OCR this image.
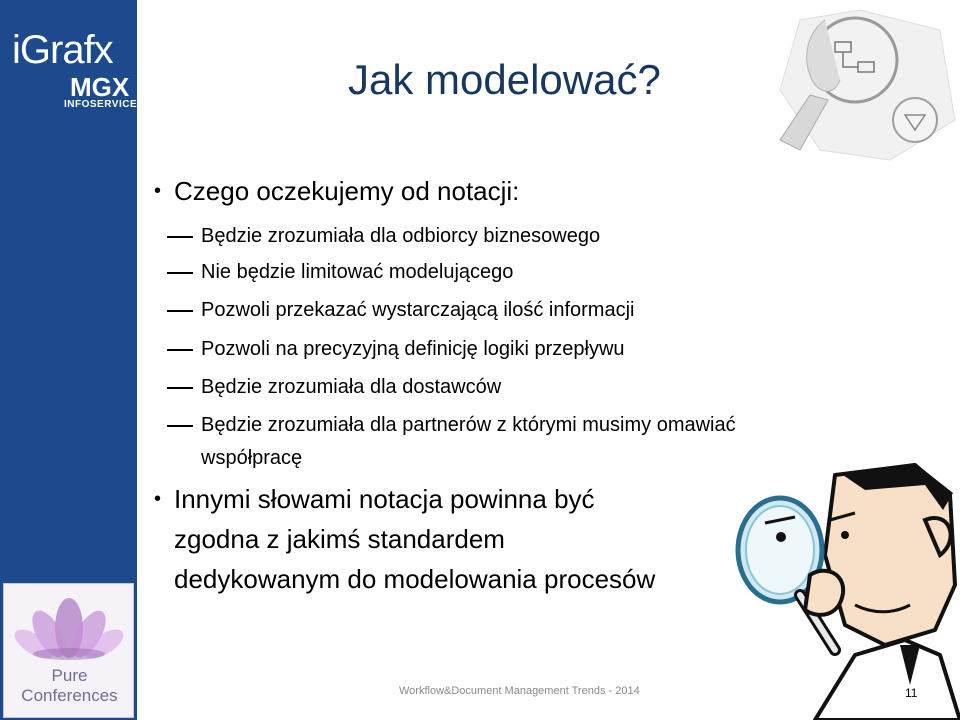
iGrafx
MGX
INFOSERVICE
Pure
Conferences
Jak modelować?
• Czego oczekujemy od notacji:
Będzie zrozumiała dla odbiorcy biznesowego
Nie będzie limitować modelującego
Pozwoli przekazać wystarczającą ilość informacji
Pozwoli na precyzyjną definicję logiki przepływu
Będzie zrozumiała dla dostawców
Będzie zrozumiała dla partnerów z którymi musimy omawiać
współpracę
• Innymi słowami notacja powinna być
zgodna z jakimś standardem
dedykowanym do modelowania procesów
Workflow&Document Management Trends - 2014	11
